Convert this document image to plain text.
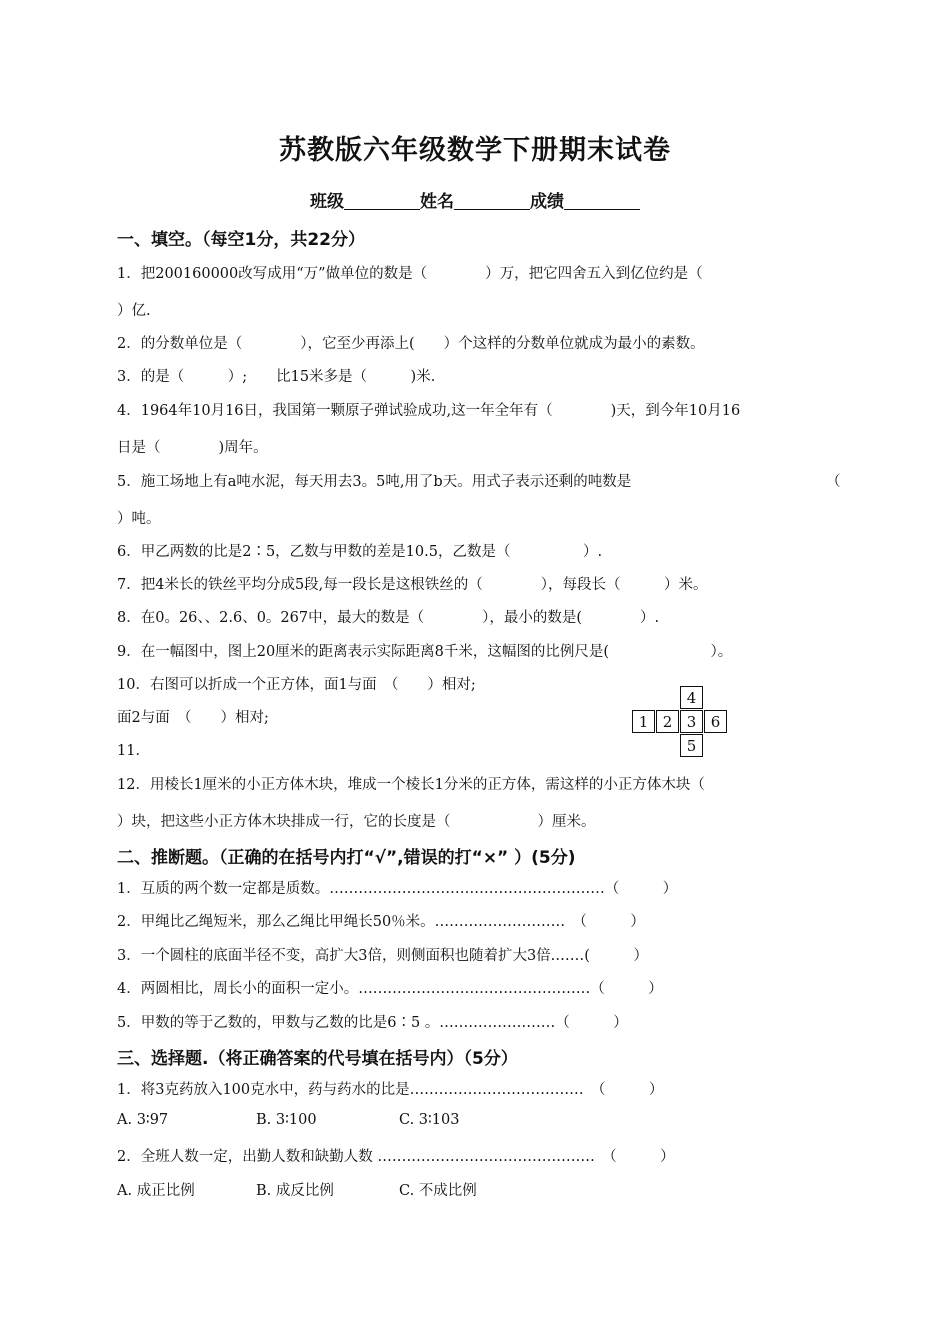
苏教版六年级数学下册期末试卷
班级	姓名	成绩
一、填空。（每空1分，共22分）
1．把200160000改写成用“万”做单位的数是（　　　　）万，把它四舍五入到亿位约是（
）亿.
2．的分数单位是（　　　　），它至少再添上(　　）个这样的分数单位就成为最小的素数。
3．的是（　　　）;　　比15米多是（　　　)米.
4．1964年10月16日，我国第一颗原子弹试验成功,这一年全年有（　　　　)天，到今年10月16
日是（　　　　)周年。
5．施工场地上有a吨水泥，每天用去3。5吨,用了b天。用式子表示还剩的吨数是	（
）吨。
6．甲乙两数的比是2∶5，乙数与甲数的差是10.5，乙数是（　　　　　）.
7．把4米长的铁丝平均分成5段,每一段长是这根铁丝的（　　　　），每段长（　　　）米。
8．在0。26、、2.6、0。267中，最大的数是（　　　　），最小的数是(　　　　）.
9．在一幅图中，图上20厘米的距离表示实际距离8千米，这幅图的比例尺是(　　　　　　　）。
10．右图可以折成一个正方体，面1与面　（　　）相对;
面2与面　（　　）相对;
11．
4
1 2 3 6
5
12．用棱长1厘米的小正方体木块，堆成一个棱长1分米的正方体，需这样的小正方体木块（
）块，把这些小正方体木块排成一行，它的长度是（　　　　　　）厘米。
二、推断题。（正确的在括号内打“√”,错误的打“×” ）(5分)
1．互质的两个数一定都是质数。…………………………………………………（　　　）
2．甲绳比乙绳短米，那么乙绳比甲绳长50％米。………………………　（　　　）
3．一个圆柱的底面半径不变，高扩大3倍，则侧面积也随着扩大3倍.……(　　　）
4．两圆相比，周长小的面积一定小。…………………………………………（　　　）
5．甲数的等于乙数的，甲数与乙数的比是6∶5 。……………………（　　　）
三、选择题.（将正确答案的代号填在括号内）（5分）
1．将3克药放入100克水中，药与药水的比是………………………………　（　　　）
A. 3∶97	B. 3∶100	C. 3∶103
2．全班人数一定，出勤人数和缺勤人数 ………………………………………　（　　　）
A. 成正比例	B. 成反比例	C. 不成比例
